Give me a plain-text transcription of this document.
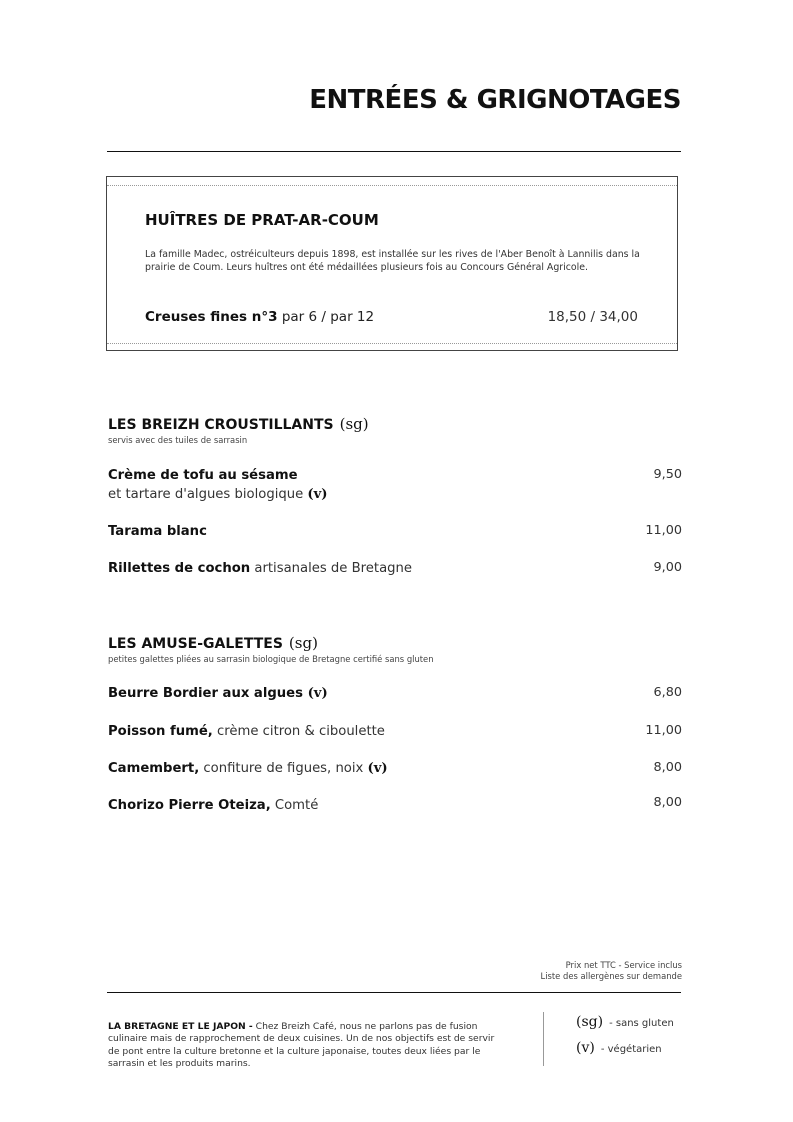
ENTRÉES & GRIGNOTAGES
HUÎTRES DE PRAT-AR-COUM
La famille Madec, ostréiculteurs depuis 1898, est installée sur les rives de l'Aber Benoît à Lannilis dans la prairie de Coum. Leurs huîtres ont été médaillées plusieurs fois au Concours Général Agricole.
Creuses fines n°3 par 6 / par 12	18,50 / 34,00
LES BREIZH CROUSTILLANTS (sg)
servis avec des tuiles de sarrasin
Crème de tofu au sésame
et tartare d'algues biologique (v)
9,50
Tarama blanc	11,00
Rillettes de cochon artisanales de Bretagne	9,00
LES AMUSE-GALETTES (sg)
petites galettes pliées au sarrasin biologique de Bretagne certifié sans gluten
Beurre Bordier aux algues (v)	6,80
Poisson fumé, crème citron & ciboulette	11,00
Camembert, confiture de figues, noix (v)	8,00
Chorizo Pierre Oteiza, Comté	8,00
Prix net TTC - Service inclus
Liste des allergènes sur demande
LA BRETAGNE ET LE JAPON - Chez Breizh Café, nous ne parlons pas de fusion culinaire mais de rapprochement de deux cuisines. Un de nos objectifs est de servir de pont entre la culture bretonne et la culture japonaise, toutes deux liées par le sarrasin et les produits marins.
(sg) - sans gluten
(v) - végétarien
